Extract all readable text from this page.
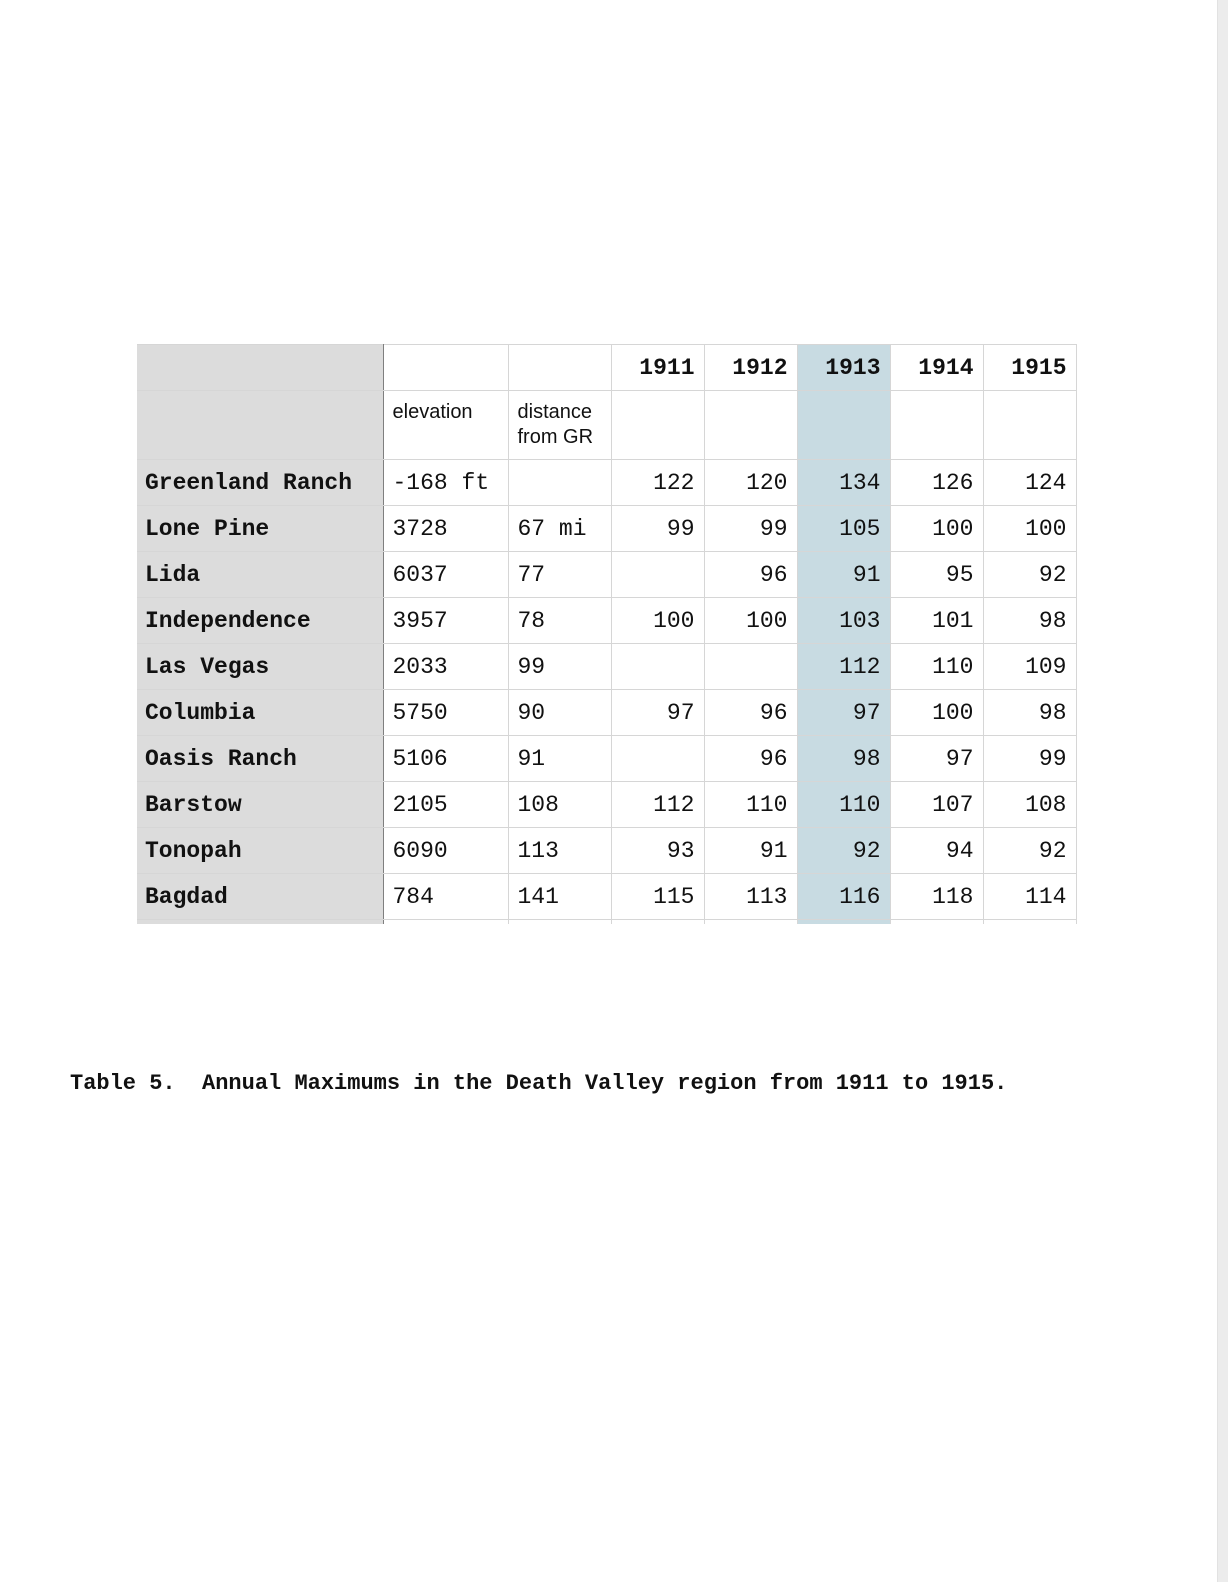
			1911	1912	1913	1914	1915

	elevation	distance
from GR					

Greenland Ranch	-168 ft		122	120	134	126	124
Lone Pine	3728	67 mi	99	99	105	100	100
Lida	6037	77		96	91	95	92
Independence	3957	78	100	100	103	101	98
Las Vegas	2033	99			112	110	109
Columbia	5750	90	97	96	97	100	98
Oasis Ranch	5106	91		96	98	97	99
Barstow	2105	108	112	110	110	107	108
Tonopah	6090	113	93	91	92	94	92
Bagdad	784	141	115	113	116	118	114

Table 5. Annual Maximums in the Death Valley region from 1911 to 1915.
